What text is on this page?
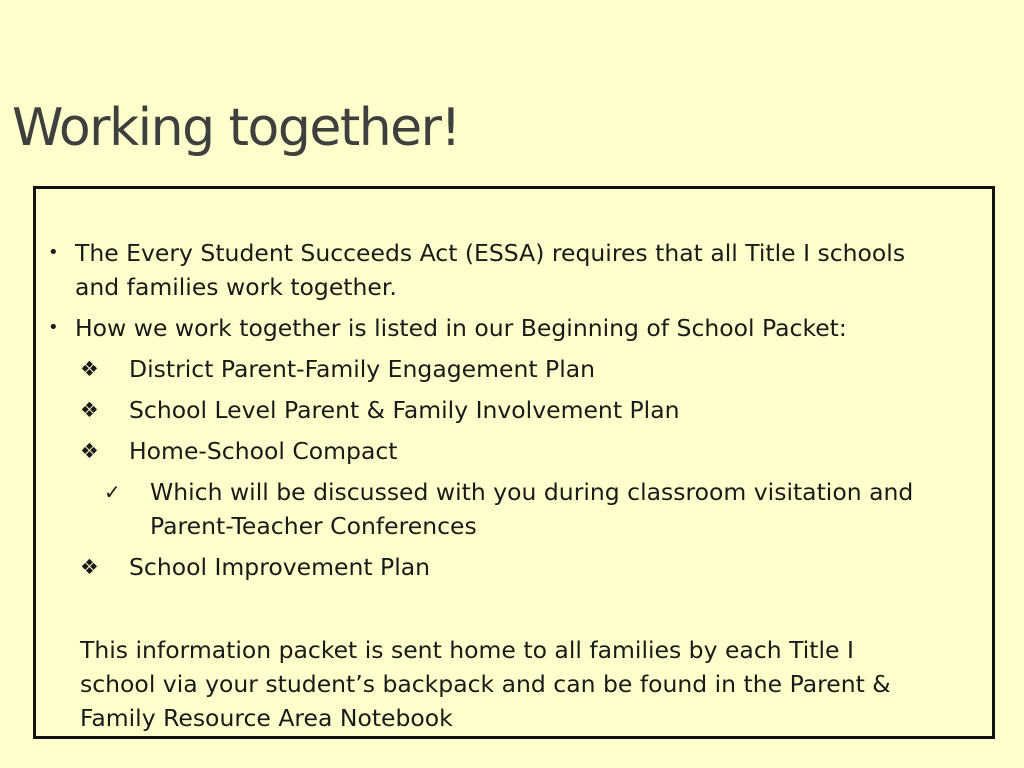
Working together!
• The Every Student Succeeds Act (ESSA) requires that all Title I schools
and families work together.
• How we work together is listed in our Beginning of School Packet:
❖ District Parent-Family Engagement Plan
❖ School Level Parent & Family Involvement Plan
❖ Home-School Compact
✓ Which will be discussed with you during classroom visitation and
Parent-Teacher Conferences
❖ School Improvement Plan
This information packet is sent home to all families by each Title I
school via your student’s backpack and can be found in the Parent &
Family Resource Area Notebook
